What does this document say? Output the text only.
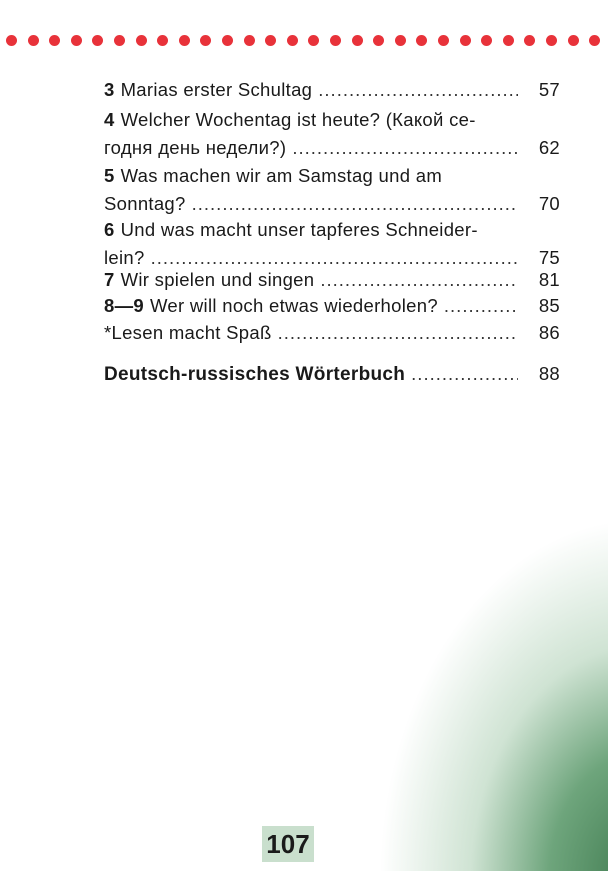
3 Marias erster Schultag .....	57
4 Welcher Wochentag ist heute? (Какой се-
годня день недели?) .....	62
5 Was machen wir am Samstag und am
Sonntag? .....	70
6 Und was macht unser tapferes Schneider-
lein? .....	75
7 Wir spielen und singen .....	81
8—9 Wer will noch etwas wiederholen? .....	85
*Lesen macht Spaß .....	86
Deutsch-russisches Wörterbuch .....	88
107
